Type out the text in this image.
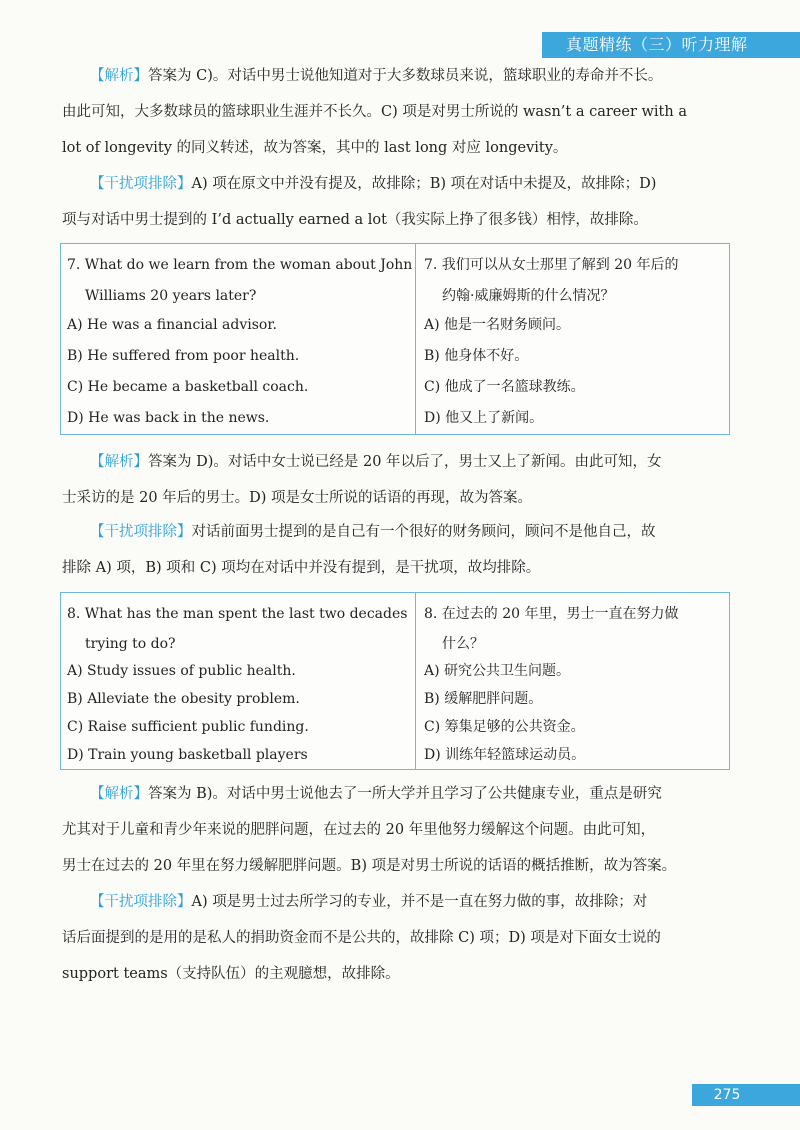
真题精练（三）听力理解
【解析】答案为 C)。对话中男士说他知道对于大多数球员来说，篮球职业的寿命并不长。
由此可知，大多数球员的篮球职业生涯并不长久。C) 项是对男士所说的 wasn’t a career with a
lot of longevity 的同义转述，故为答案，其中的 last long 对应 longevity。
【干扰项排除】A) 项在原文中并没有提及，故排除；B) 项在对话中未提及，故排除；D)
项与对话中男士提到的 I’d actually earned a lot（我实际上挣了很多钱）相悖，故排除。
7. What do we learn from the woman about John
Williams 20 years later?
A) He was a financial advisor.
B) He suffered from poor health.
C) He became a basketball coach.
D) He was back in the news.
7. 我们可以从女士那里了解到 20 年后的
约翰·威廉姆斯的什么情况？
A) 他是一名财务顾问。
B) 他身体不好。
C) 他成了一名篮球教练。
D) 他又上了新闻。
【解析】答案为 D)。对话中女士说已经是 20 年以后了，男士又上了新闻。由此可知，女
士采访的是 20 年后的男士。D) 项是女士所说的话语的再现，故为答案。
【干扰项排除】对话前面男士提到的是自己有一个很好的财务顾问，顾问不是他自己，故
排除 A) 项，B) 项和 C) 项均在对话中并没有提到，是干扰项，故均排除。
8. What has the man spent the last two decades
trying to do?
A) Study issues of public health.
B) Alleviate the obesity problem.
C) Raise sufficient public funding.
D) Train young basketball players
8. 在过去的 20 年里，男士一直在努力做
什么？
A) 研究公共卫生问题。
B) 缓解肥胖问题。
C) 筹集足够的公共资金。
D) 训练年轻篮球运动员。
【解析】答案为 B)。对话中男士说他去了一所大学并且学习了公共健康专业，重点是研究
尤其对于儿童和青少年来说的肥胖问题，在过去的 20 年里他努力缓解这个问题。由此可知，
男士在过去的 20 年里在努力缓解肥胖问题。B) 项是对男士所说的话语的概括推断，故为答案。
【干扰项排除】A) 项是男士过去所学习的专业，并不是一直在努力做的事，故排除；对
话后面提到的是用的是私人的捐助资金而不是公共的，故排除 C) 项；D) 项是对下面女士说的
support teams（支持队伍）的主观臆想，故排除。
275
